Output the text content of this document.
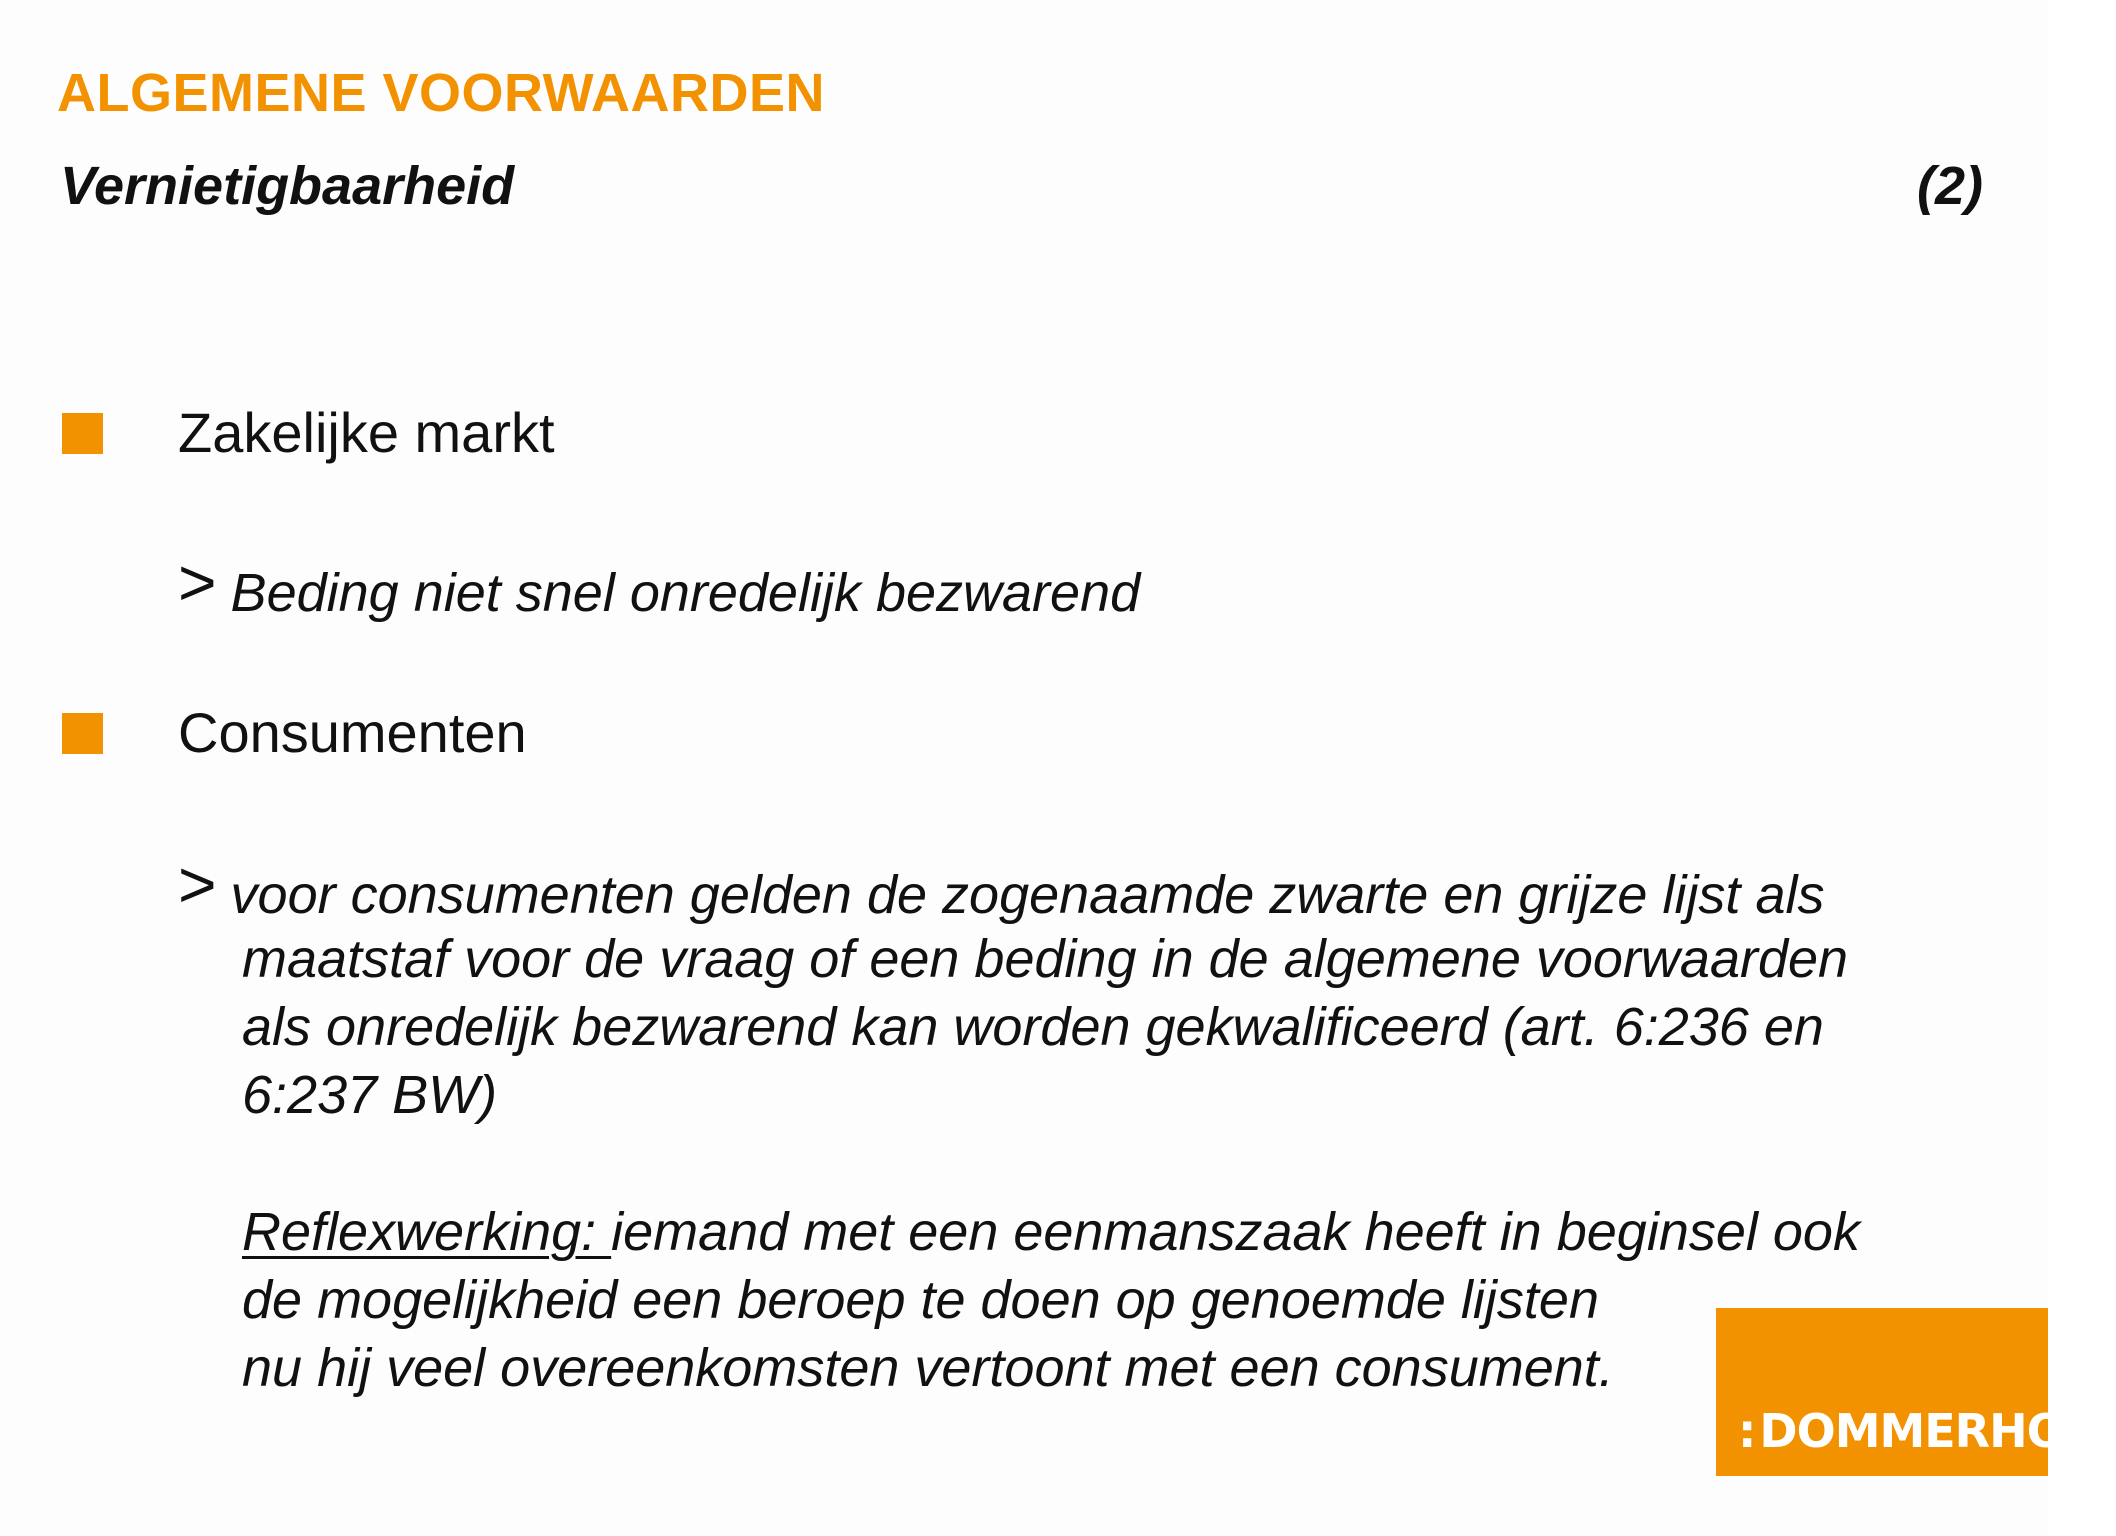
ALGEMENE VOORWAARDEN
Vernietigbaarheid	(2)
Zakelijke markt
> Beding niet snel onredelijk bezwarend
Consumenten
> voor consumenten gelden de zogenaamde zwarte en grijze lijst als
maatstaf voor de vraag of een beding in de algemene voorwaarden
als onredelijk bezwarend kan worden gekwalificeerd (art. 6:236 en
6:237 BW)
Reflexwerking: iemand met een eenmanszaak heeft in beginsel ook
de mogelijkheid een beroep te doen op genoemde lijsten
nu hij veel overeenkomsten vertoont met een consument.
:DOMMERHOLT
